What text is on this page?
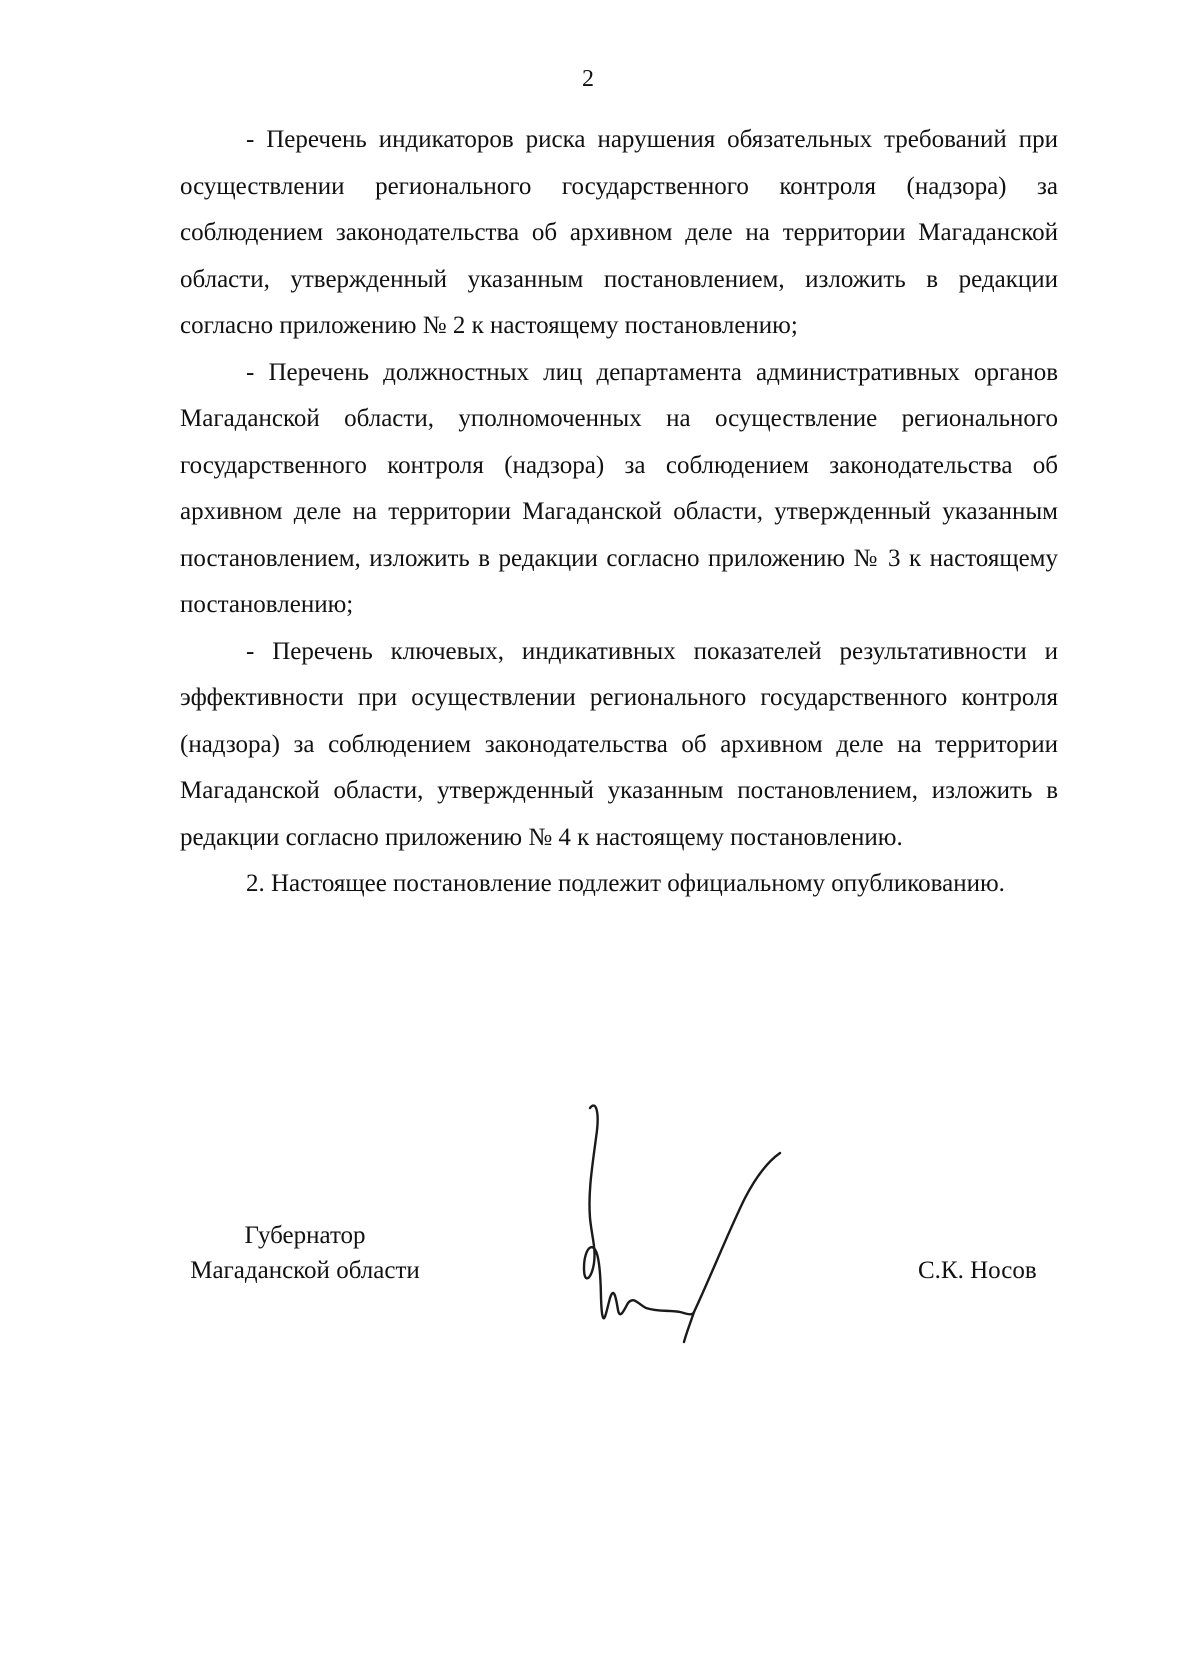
2

- Перечень индикаторов риска нарушения обязательных требований при осуществлении регионального государственного контроля (надзора) за соблюдением законодательства об архивном деле на территории Магаданской области, утвержденный указанным постановлением, изложить в редакции согласно приложению № 2 к настоящему постановлению;

- Перечень должностных лиц департамента административных органов Магаданской области, уполномоченных на осуществление регионального государственного контроля (надзора) за соблюдением законодательства об архивном деле на территории Магаданской области, утвержденный указанным постановлением, изложить в редакции согласно приложению № 3 к настоящему постановлению;

- Перечень ключевых, индикативных показателей результативности и эффективности при осуществлении регионального государственного контроля (надзора) за соблюдением законодательства об архивном деле на территории Магаданской области, утвержденный указанным постановлением, изложить в редакции согласно приложению № 4 к настоящему постановлению.

2. Настоящее постановление подлежит официальному опубликованию.

Губернатор
Магаданской области	С.К. Носов
